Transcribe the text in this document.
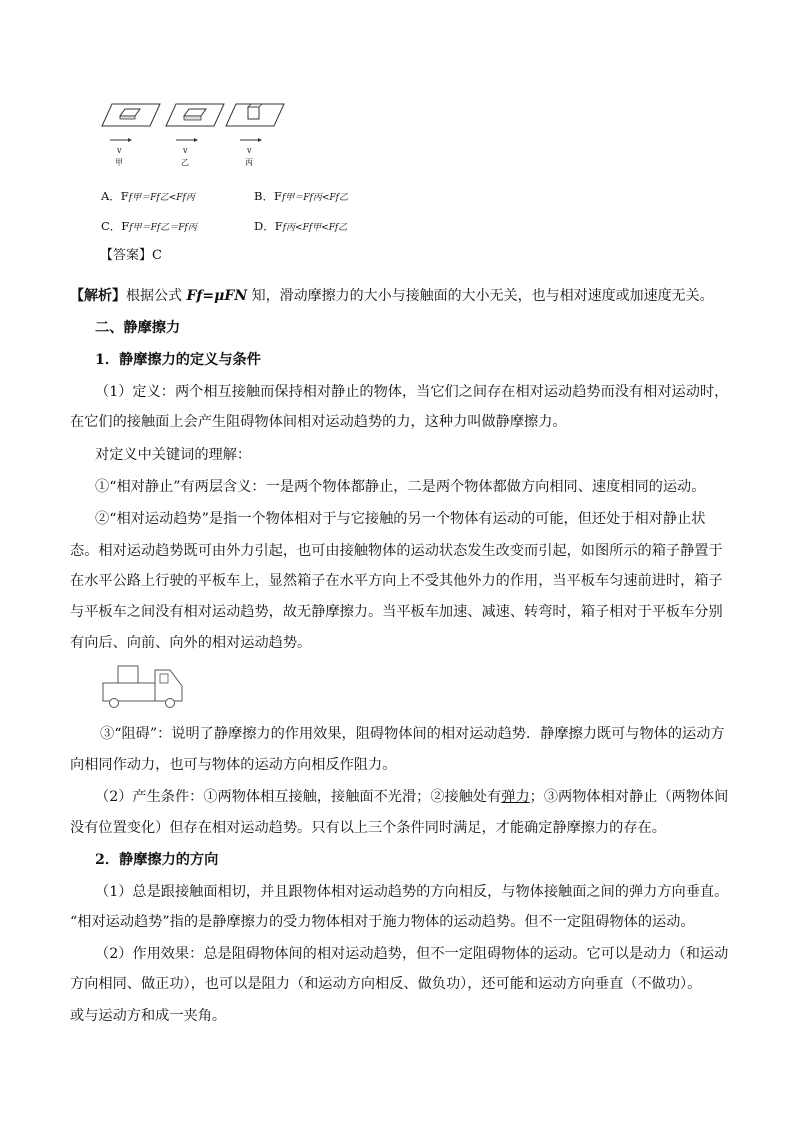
v	v	v
甲	乙	丙
A．Ff甲＝Ff乙<Ff丙	B．Ff甲＝Ff丙<Ff乙
C．Ff甲＝Ff乙＝Ff丙	D．Ff丙<Ff甲<Ff乙
【答案】C
【解析】根据公式 Ff=μFN 知，滑动摩擦力的大小与接触面的大小无关，也与相对速度或加速度无关。
二、静摩擦力
1．静摩擦力的定义与条件
（1）定义：两个相互接触而保持相对静止的物体，当它们之间存在相对运动趋势而没有相对运动时，
在它们的接触面上会产生阻碍物体间相对运动趋势的力，这种力叫做静摩擦力。
对定义中关键词的理解：
①“相对静止”有两层含义：一是两个物体都静止，二是两个物体都做方向相同、速度相同的运动。
②“相对运动趋势”是指一个物体相对于与它接触的另一个物体有运动的可能，但还处于相对静止状
态。相对运动趋势既可由外力引起，也可由接触物体的运动状态发生改变而引起，如图所示的箱子静置于
在水平公路上行驶的平板车上，显然箱子在水平方向上不受其他外力的作用，当平板车匀速前进时，箱子
与平板车之间没有相对运动趋势，故无静摩擦力。当平板车加速、减速、转弯时，箱子相对于平板车分别
有向后、向前、向外的相对运动趋势。
③“阻碍”：说明了静摩擦力的作用效果，阻碍物体间的相对运动趋势．静摩擦力既可与物体的运动方
向相同作动力，也可与物体的运动方向相反作阻力。
（2）产生条件：①两物体相互接触，接触面不光滑；②接触处有弹力；③两物体相对静止（两物体间
没有位置变化）但存在相对运动趋势。只有以上三个条件同时满足，才能确定静摩擦力的存在。
2．静摩擦力的方向
（1）总是跟接触面相切，并且跟物体相对运动趋势的方向相反，与物体接触面之间的弹力方向垂直。
“相对运动趋势”指的是静摩擦力的受力物体相对于施力物体的运动趋势。但不一定阻碍物体的运动。
（2）作用效果：总是阻碍物体间的相对运动趋势，但不一定阻碍物体的运动。它可以是动力（和运动
方向相同、做正功），也可以是阻力（和运动方向相反、做负功），还可能和运动方向垂直（不做功）。
或与运动方和成一夹角。
